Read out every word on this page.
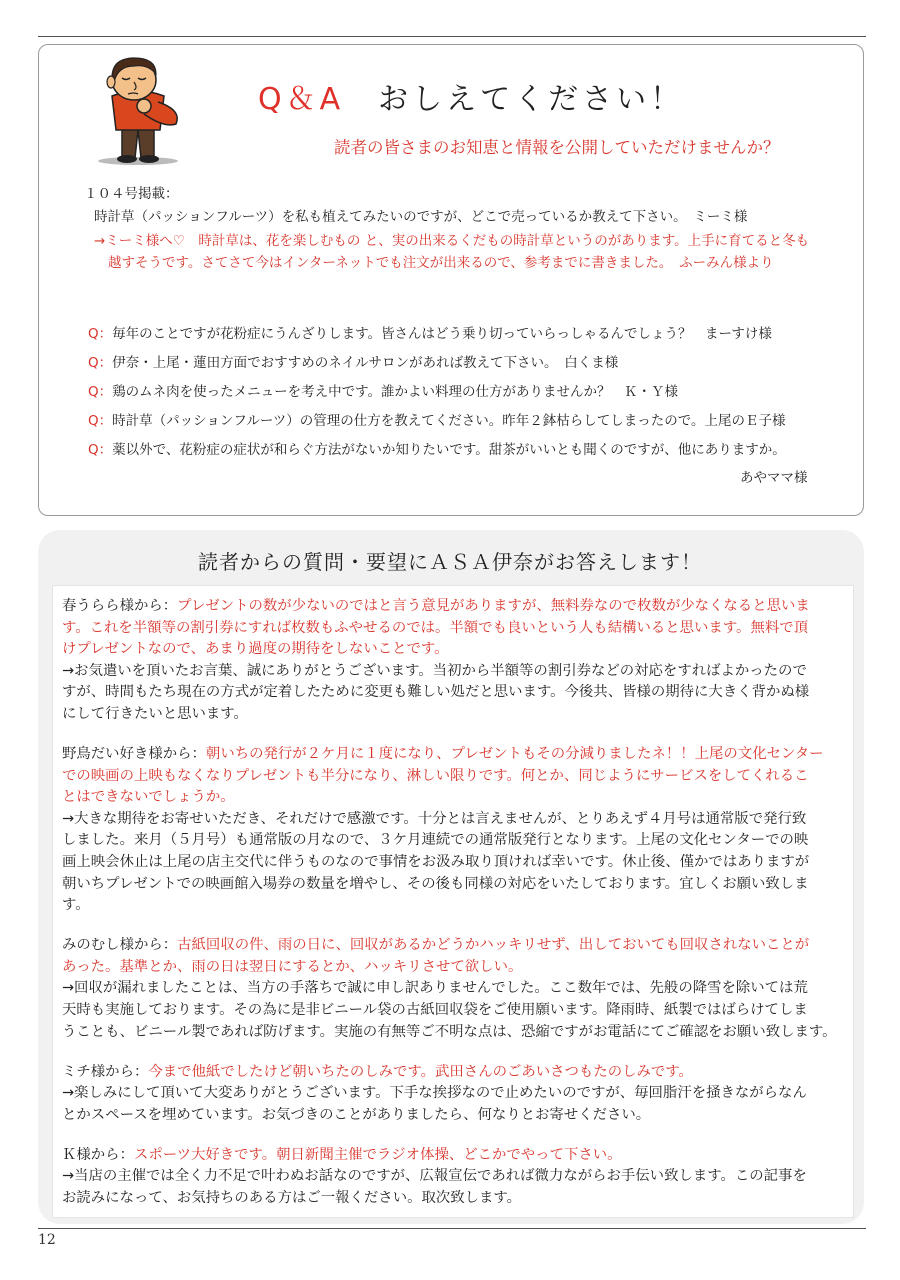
Q＆A おしえてください！
読者の皆さまのお知恵と情報を公開していただけませんか？
１０４号掲載：
時計草（パッションフルーツ）を私も植えてみたいのですが、どこで売っているか教えて下さい。　ミーミ様
→ミーミ様へ♡　時計草は、花を楽しむもの と、実の出来るくだもの時計草というのがあります。上手に育てると冬も
越すそうです。さてさて今はインターネットでも注文が出来るので、参考までに書きました。　ふーみん様より
Q：毎年のことですが花粉症にうんざりします。皆さんはどう乗り切っていらっしゃるんでしょう？　まーすけ様
Q：伊奈・上尾・蓮田方面でおすすめのネイルサロンがあれば教えて下さい。　白くま様
Q：鶏のムネ肉を使ったメニューを考え中です。誰かよい料理の仕方がありませんか？　Ｋ・Ｙ様
Q：時計草（パッションフルーツ）の管理の仕方を教えてください。昨年２鉢枯らしてしまったので。上尾のＥ子様
Q：薬以外で、花粉症の症状が和らぐ方法がないか知りたいです。甜茶がいいとも聞くのですが、他にありますか。
あやママ様
読者からの質問・要望にＡＳＡ伊奈がお答えします！
春うらら様から：プレゼントの数が少ないのではと言う意見がありますが、無料券なので枚数が少なくなると思いま
す。これを半額等の割引券にすれば枚数もふやせるのでは。半額でも良いという人も結構いると思います。無料で頂
けプレゼントなので、あまり過度の期待をしないことです。
→お気遣いを頂いたお言葉、誠にありがとうございます。当初から半額等の割引券などの対応をすればよかったので
すが、時間もたち現在の方式が定着したために変更も難しい処だと思います。今後共、皆様の期待に大きく背かぬ様
にして行きたいと思います。
野鳥だい好き様から：朝いちの発行が２ケ月に１度になり、プレゼントもその分減りましたネ！！上尾の文化センター
での映画の上映もなくなりプレゼントも半分になり、淋しい限りです。何とか、同じようにサービスをしてくれるこ
とはできないでしょうか。
→大きな期待をお寄せいただき、それだけで感激です。十分とは言えませんが、とりあえず４月号は通常版で発行致
しました。来月（５月号）も通常版の月なので、３ケ月連続での通常版発行となります。上尾の文化センターでの映
画上映会休止は上尾の店主交代に伴うものなので事情をお汲み取り頂ければ幸いです。休止後、僅かではありますが
朝いちプレゼントでの映画館入場券の数量を増やし、その後も同様の対応をいたしております。宜しくお願い致しま
す。
みのむし様から：古紙回収の件、雨の日に、回収があるかどうかハッキリせず、出しておいても回収されないことが
あった。基準とか、雨の日は翌日にするとか、ハッキリさせて欲しい。
→回収が漏れましたことは、当方の手落ちで誠に申し訳ありませんでした。ここ数年では、先般の降雪を除いては荒
天時も実施しております。その為に是非ビニール袋の古紙回収袋をご使用願います。降雨時、紙製ではばらけてしま
うことも、ビニール製であれば防げます。実施の有無等ご不明な点は、恐縮ですがお電話にてご確認をお願い致します。
ミチ様から：今まで他紙でしたけど朝いちたのしみです。武田さんのごあいさつもたのしみです。
→楽しみにして頂いて大変ありがとうございます。下手な挨拶なので止めたいのですが、毎回脂汗を掻きながらなん
とかスペースを埋めています。お気づきのことがありましたら、何なりとお寄せください。
Ｋ様から：スポーツ大好きです。朝日新聞主催でラジオ体操、どこかでやって下さい。
→当店の主催では全く力不足で叶わぬお話なのですが、広報宣伝であれば微力ながらお手伝い致します。この記事を
お読みになって、お気持ちのある方はご一報ください。取次致します。
12
